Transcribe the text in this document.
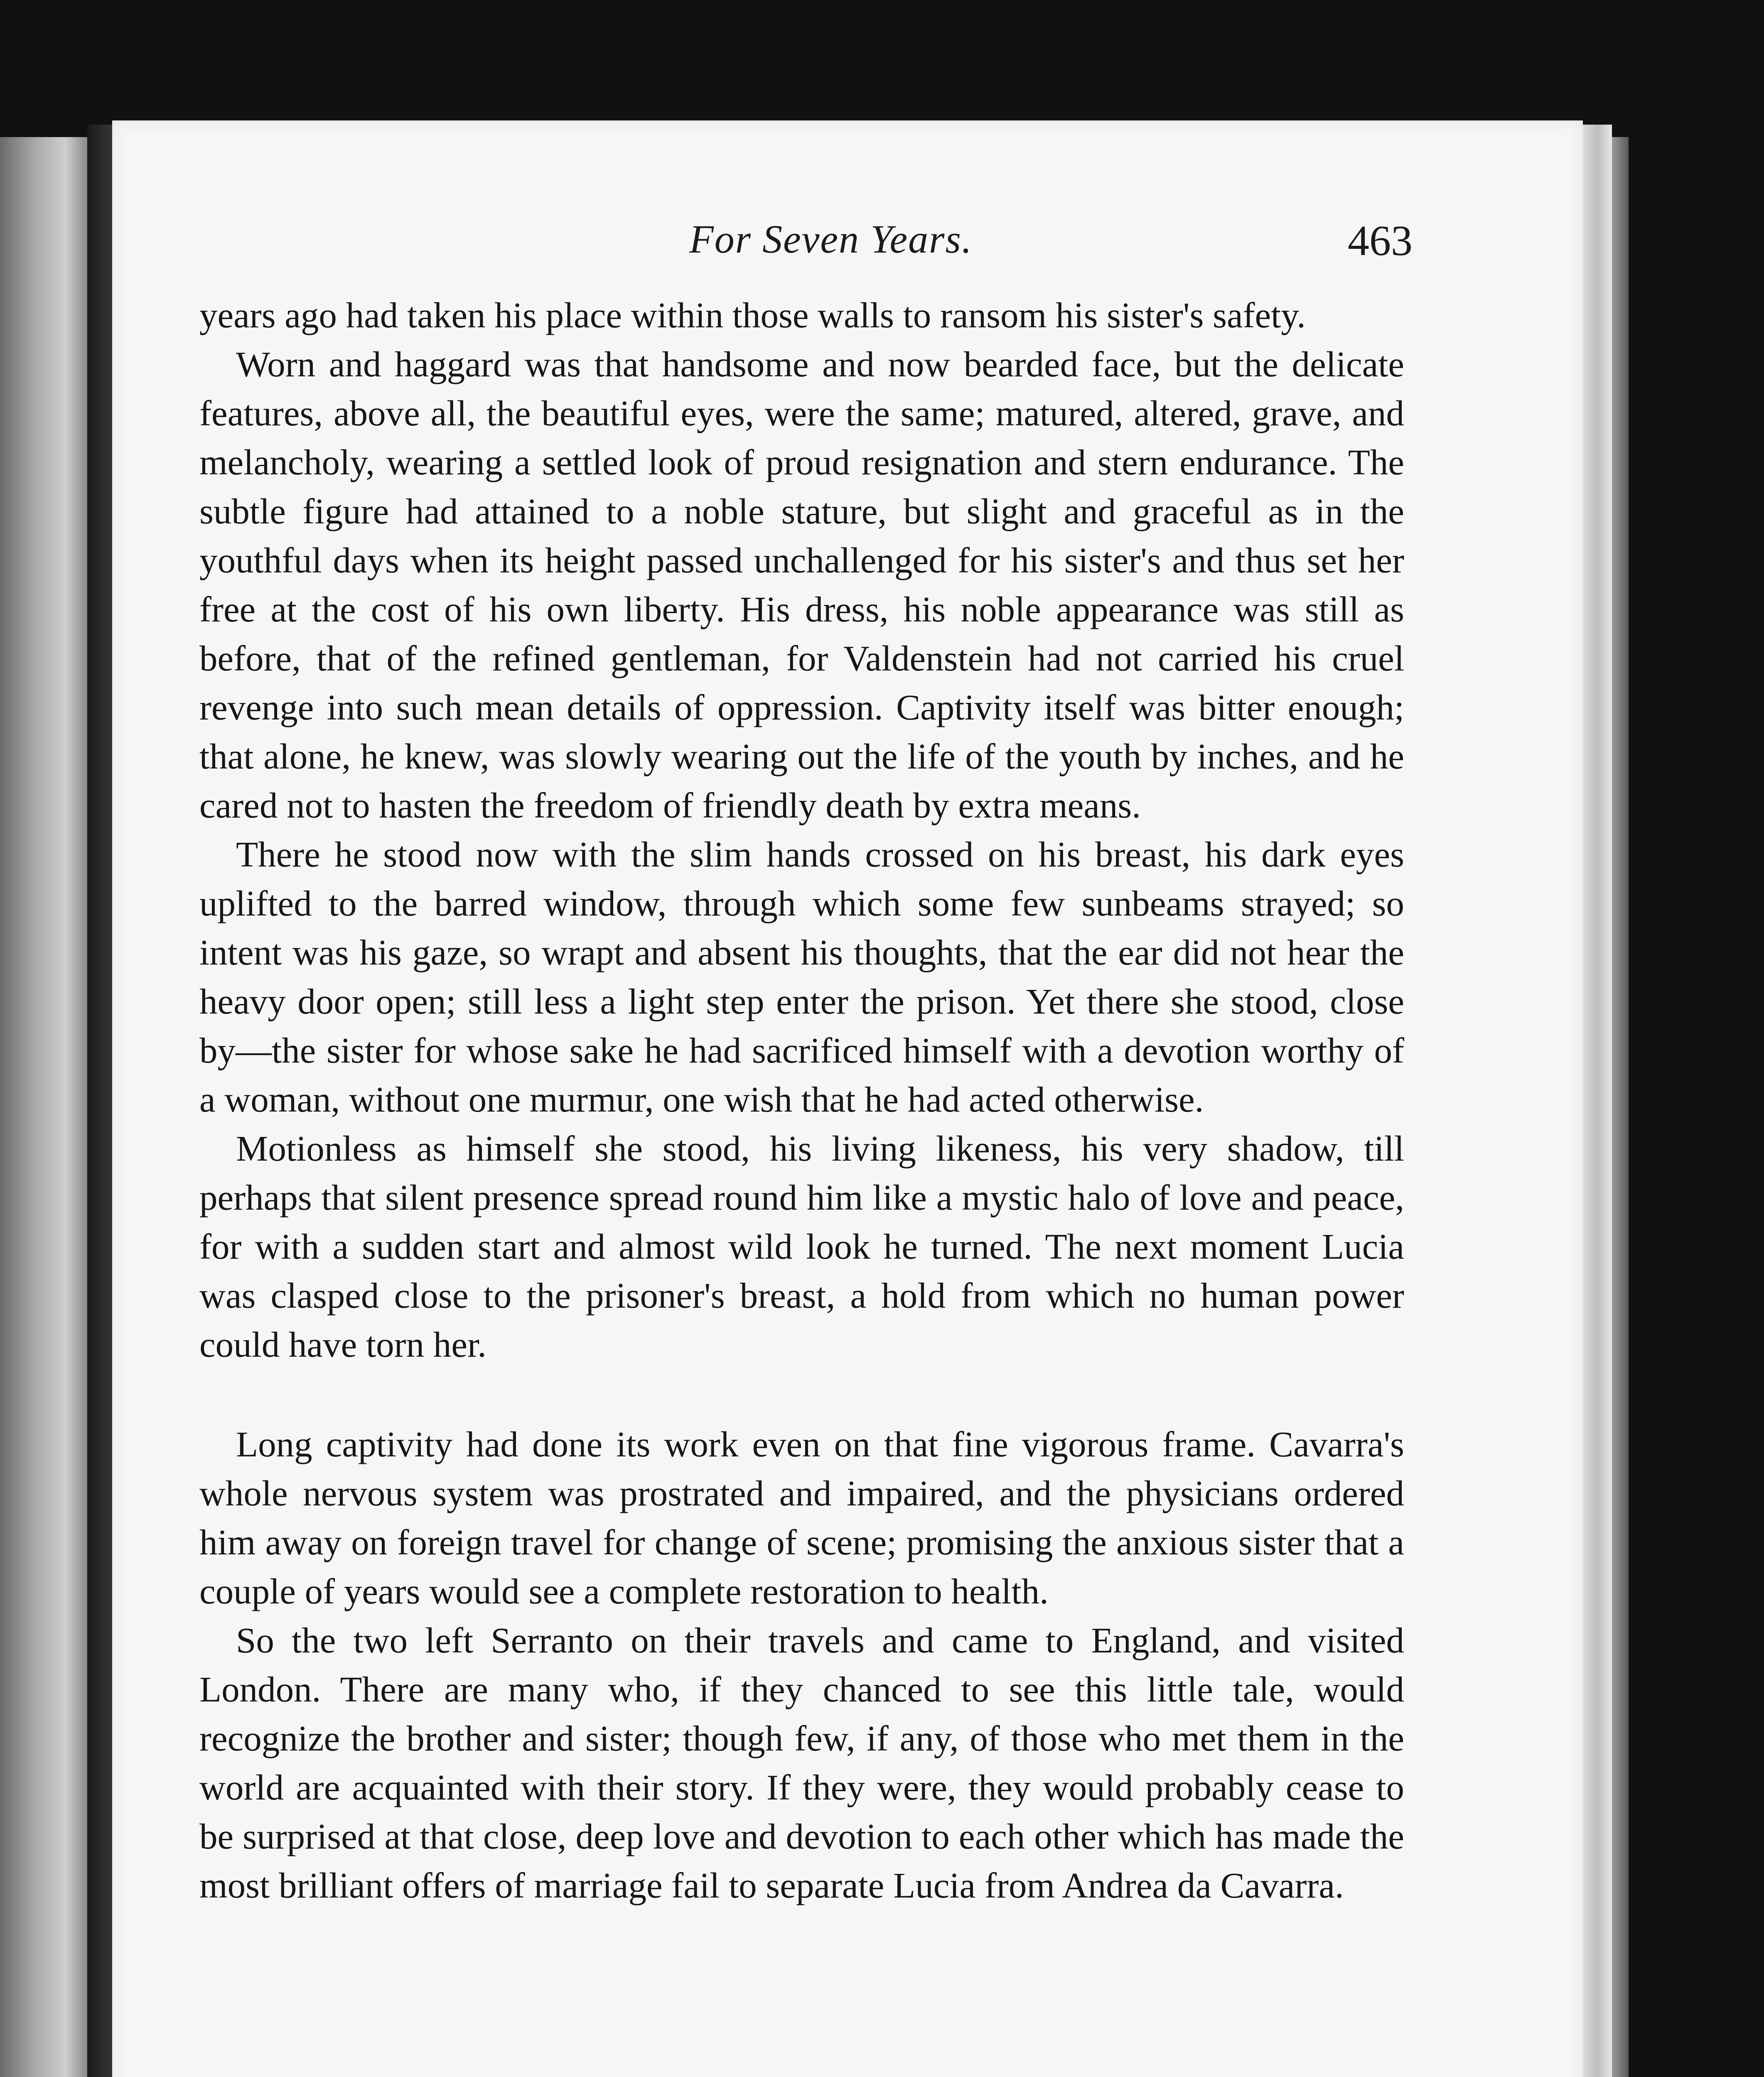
For Seven Years.	463

years ago had taken his place within those walls to ransom his sister's safety.

Worn and haggard was that handsome and now bearded face, but the delicate features, above all, the beautiful eyes, were the same; matured, altered, grave, and melancholy, wearing a settled look of proud resignation and stern endurance. The subtle figure had attained to a noble stature, but slight and graceful as in the youthful days when its height passed unchallenged for his sister's and thus set her free at the cost of his own liberty. His dress, his noble appearance was still as before, that of the refined gentleman, for Valdenstein had not carried his cruel revenge into such mean details of oppression. Captivity itself was bitter enough; that alone, he knew, was slowly wearing out the life of the youth by inches, and he cared not to hasten the freedom of friendly death by extra means.

There he stood now with the slim hands crossed on his breast, his dark eyes uplifted to the barred window, through which some few sunbeams strayed; so intent was his gaze, so wrapt and absent his thoughts, that the ear did not hear the heavy door open; still less a light step enter the prison. Yet there she stood, close by—the sister for whose sake he had sacrificed himself with a devotion worthy of a woman, without one murmur, one wish that he had acted otherwise.

Motionless as himself she stood, his living likeness, his very shadow, till perhaps that silent presence spread round him like a mystic halo of love and peace, for with a sudden start and almost wild look he turned. The next moment Lucia was clasped close to the prisoner's breast, a hold from which no human power could have torn her.

Long captivity had done its work even on that fine vigorous frame. Cavarra's whole nervous system was prostrated and impaired, and the physicians ordered him away on foreign travel for change of scene; promising the anxious sister that a couple of years would see a complete restoration to health.

So the two left Serranto on their travels and came to England, and visited London. There are many who, if they chanced to see this little tale, would recognize the brother and sister; though few, if any, of those who met them in the world are acquainted with their story. If they were, they would probably cease to be surprised at that close, deep love and devotion to each other which has made the most brilliant offers of marriage fail to separate Lucia from Andrea da Cavarra.
